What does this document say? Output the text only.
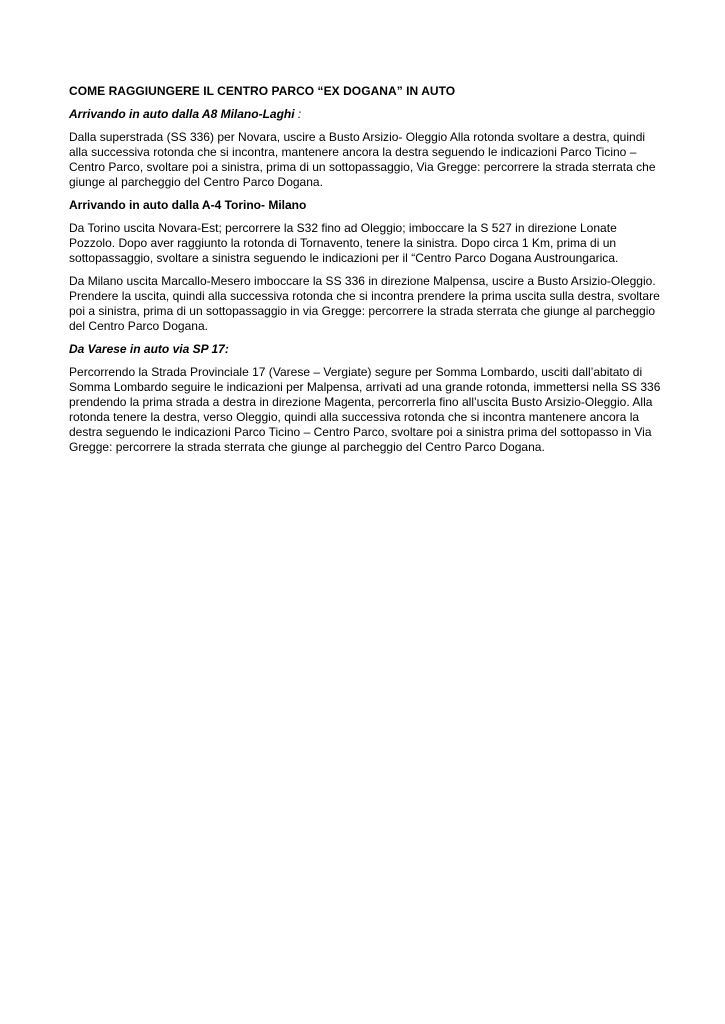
COME RAGGIUNGERE IL CENTRO PARCO “EX DOGANA” IN AUTO
Arrivando in auto dalla A8 Milano-Laghi :
Dalla superstrada (SS 336) per Novara, uscire a Busto Arsizio- Oleggio Alla rotonda svoltare a destra, quindi alla successiva rotonda che si incontra, mantenere ancora la destra seguendo le indicazioni Parco Ticino – Centro Parco, svoltare poi a sinistra, prima di un sottopassaggio, Via Gregge: percorrere la strada sterrata che giunge al parcheggio del Centro Parco Dogana.
Arrivando in auto dalla A-4 Torino- Milano
Da Torino uscita Novara-Est; percorrere la S32 fino ad Oleggio; imboccare la S 527 in direzione Lonate Pozzolo. Dopo aver raggiunto la rotonda di Tornavento, tenere la sinistra. Dopo circa 1 Km, prima di un sottopassaggio, svoltare a sinistra seguendo le indicazioni per il “Centro Parco Dogana Austroungarica.
Da Milano uscita Marcallo-Mesero imboccare la SS 336 in direzione Malpensa, uscire a Busto Arsizio-Oleggio. Prendere la uscita, quindi alla successiva rotonda che si incontra prendere la prima uscita sulla destra, svoltare poi a sinistra, prima di un sottopassaggio in via Gregge: percorrere la strada sterrata che giunge al parcheggio del Centro Parco Dogana.
Da Varese in auto via SP 17:
Percorrendo la Strada Provinciale 17 (Varese – Vergiate) segure per Somma Lombardo, usciti dall’abitato di Somma Lombardo seguire le indicazioni per Malpensa, arrivati ad una grande rotonda, immettersi nella SS 336 prendendo la prima strada a destra in direzione Magenta, percorrerla fino all’uscita Busto Arsizio-Oleggio. Alla rotonda tenere la destra, verso Oleggio, quindi alla successiva rotonda che si incontra mantenere ancora la destra seguendo le indicazioni Parco Ticino – Centro Parco, svoltare poi a sinistra prima del sottopasso in Via Gregge: percorrere la strada sterrata che giunge al parcheggio del Centro Parco Dogana.
